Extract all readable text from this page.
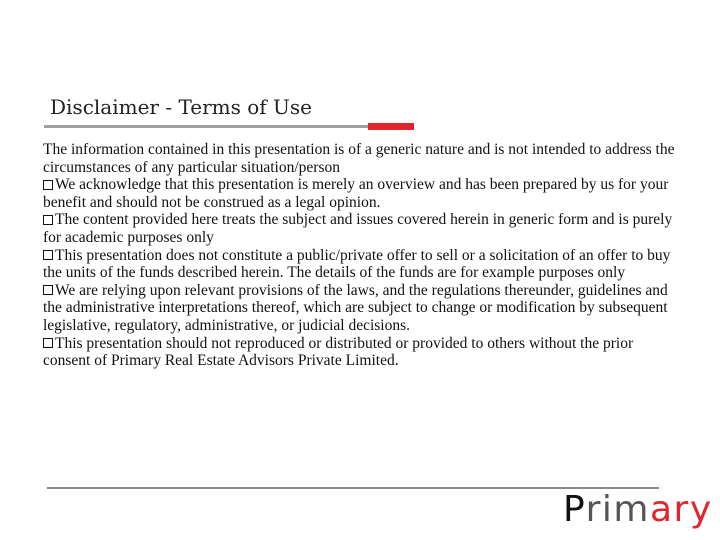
Disclaimer - Terms of Use

The information contained in this presentation is of a generic nature and is not intended to address the circumstances of any particular situation/person

We acknowledge that this presentation is merely an overview and has been prepared by us for your benefit and should not be construed as a legal opinion.

The content provided here treats the subject and issues covered herein in generic form and is purely for academic purposes only

This presentation does not constitute a public/private offer to sell or a solicitation of an offer to buy the units of the funds described herein. The details of the funds are for example purposes only

We are relying upon relevant provisions of the laws, and the regulations thereunder, guidelines and the administrative interpretations thereof, which are subject to change or modification by subsequent legislative, regulatory, administrative, or judicial decisions.

This presentation should not reproduced or distributed or provided to others without the prior consent of Primary Real Estate Advisors Private Limited.

Primary
